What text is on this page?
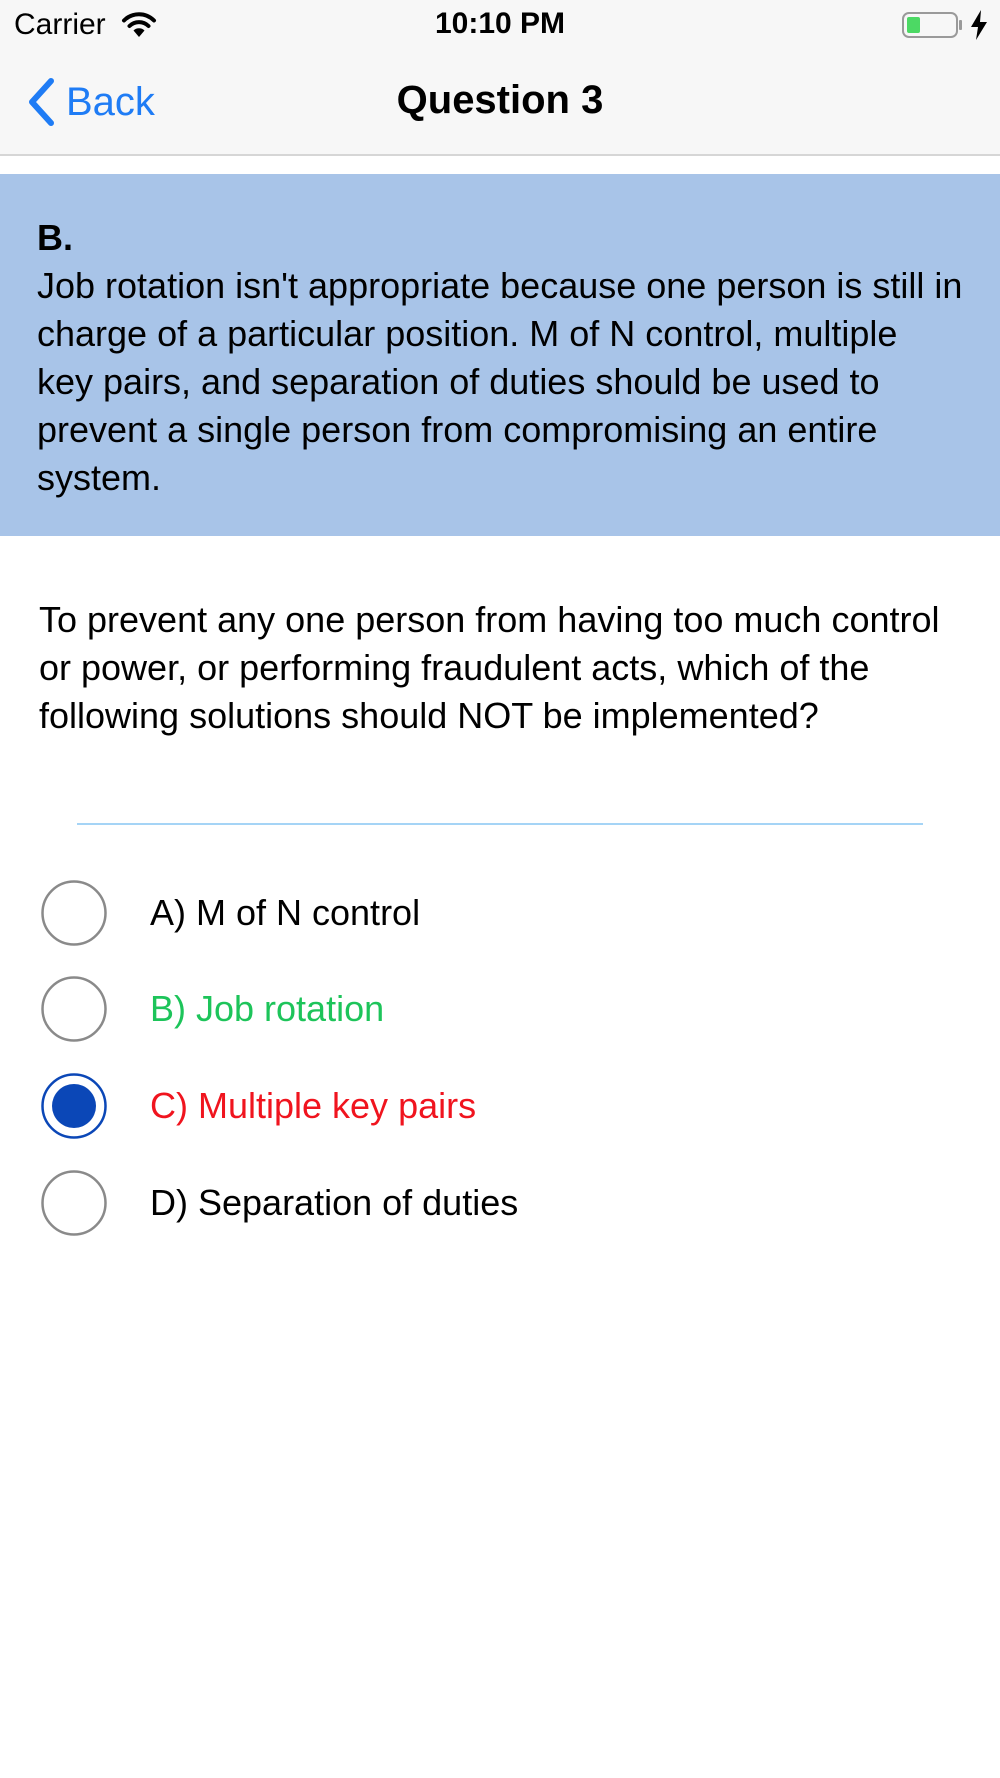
Carrier	10:10 PM
Back	Question 3
B.
Job rotation isn't appropriate because one person is still in charge of a particular position. M of N control, multiple key pairs, and separation of duties should be used to prevent a single person from compromising an entire system.
To prevent any one person from having too much control or power, or performing fraudulent acts, which of the following solutions should NOT be implemented?
A) M of N control
B) Job rotation
C) Multiple key pairs
D) Separation of duties
